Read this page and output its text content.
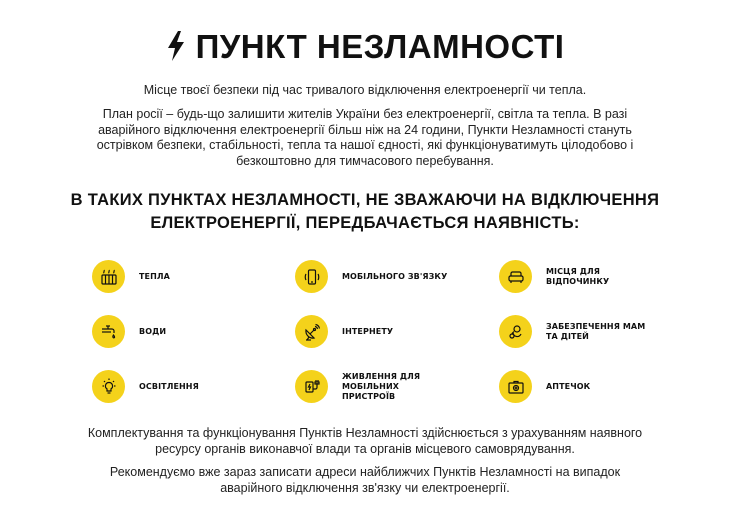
ПУНКТ НЕЗЛАМНОСТІ
Місце твоєї безпеки під час тривалого відключення електроенергії чи тепла.
План росії – будь-що залишити жителів України без електроенергії, світла та тепла. В разі аварійного відключення електроенергії більш ніж на 24 години, Пункти Незламності стануть острівком безпеки, стабільності, тепла та нашої єдності, які функціонуватимуть цілодобово і безкоштовно для тимчасового перебування.
В ТАКИХ ПУНКТАХ НЕЗЛАМНОСТІ, НЕ ЗВАЖАЮЧИ НА ВІДКЛЮЧЕННЯ ЕЛЕКТРОЕНЕРГІЇ, ПЕРЕДБАЧАЄТЬСЯ НАЯВНІСТЬ:
ТЕПЛА	МОБІЛЬНОГО ЗВ'ЯЗКУ
МІСЦЯ ДЛЯ ВІДПОЧИНКУ
ВОДИ	ІНТЕРНЕТУ
ЗАБЕЗПЕЧЕННЯ МАМ ТА ДІТЕЙ
ОСВІТЛЕННЯ
ЖИВЛЕННЯ ДЛЯ МОБІЛЬНИХ ПРИСТРОЇВ
АПТЕЧОК
Комплектування та функціонування Пунктів Незламності здійснюється з урахуванням наявного ресурсу органів виконавчої влади та органів місцевого самоврядування.
Рекомендуємо вже зараз записати адреси найближчих Пунктів Незламності на випадок аварійного відключення зв'язку чи електроенергії.
